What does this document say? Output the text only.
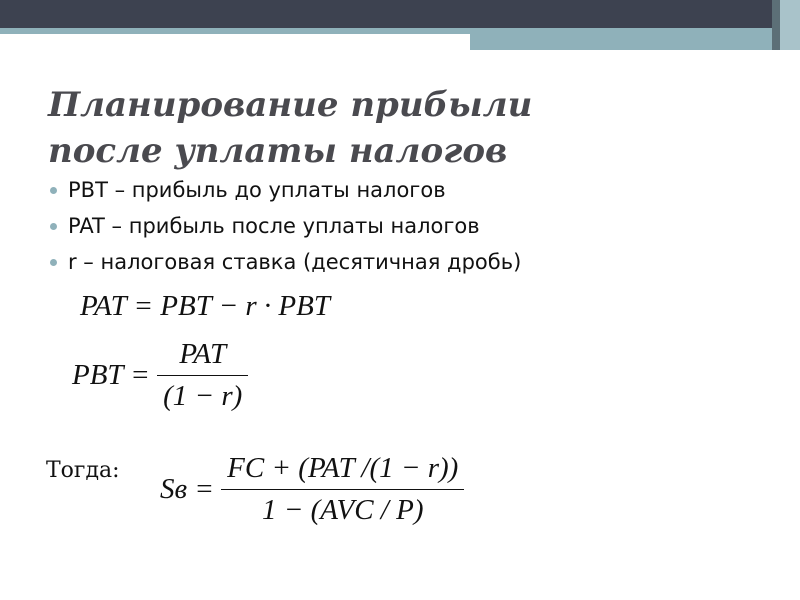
Планирование прибыли
после уплаты налогов
PBT – прибыль до уплаты налогов
PAT – прибыль после уплаты налогов
r – налоговая ставка (десятичная дробь)
PAT = PBT − r · PBT
PBT = $\frac{\text{PAT}}{(1 - r)}$
Тогда:
Sв = $\frac{\text{FC + (PAT /(1 − r))}}{\text{1 − (AVC / P)}}$
